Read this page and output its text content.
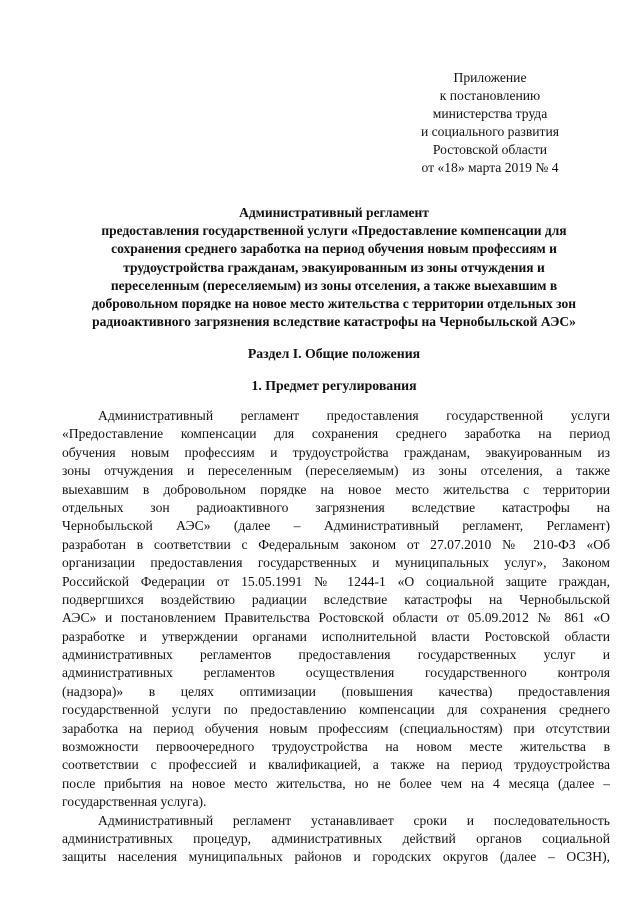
Приложение
к постановлению
министерства труда
и социального развития
Ростовской области
от «18» марта 2019 № 4
Административный регламент
предоставления государственной услуги «Предоставление компенсации для
сохранения среднего заработка на период обучения новым профессиям и
трудоустройства гражданам, эвакуированным из зоны отчуждения и
переселенным (переселяемым) из зоны отселения, а также выехавшим в
добровольном порядке на новое место жительства с территории отдельных зон
радиоактивного загрязнения вследствие катастрофы на Чернобыльской АЭС»
Раздел I. Общие положения
1. Предмет регулирования
Административный регламент предоставления государственной услуги
«Предоставление компенсации для сохранения среднего заработка на период
обучения новым профессиям и трудоустройства гражданам, эвакуированным из
зоны отчуждения и переселенным (переселяемым) из зоны отселения, а также
выехавшим в добровольном порядке на новое место жительства с территории
отдельных зон радиоактивного загрязнения вследствие катастрофы на
Чернобыльской АЭС» (далее – Административный регламент, Регламент)
разработан в соответствии с Федеральным законом от 27.07.2010 № 210-ФЗ «Об
организации предоставления государственных и муниципальных услуг», Законом
Российской Федерации от 15.05.1991 № 1244-1 «О социальной защите граждан,
подвергшихся воздействию радиации вследствие катастрофы на Чернобыльской
АЭС» и постановлением Правительства Ростовской области от 05.09.2012 № 861 «О
разработке и утверждении органами исполнительной власти Ростовской области
административных регламентов предоставления государственных услуг и
административных регламентов осуществления государственного контроля
(надзора)» в целях оптимизации (повышения качества) предоставления
государственной услуги по предоставлению компенсации для сохранения среднего
заработка на период обучения новым профессиям (специальностям) при отсутствии
возможности первоочередного трудоустройства на новом месте жительства в
соответствии с профессией и квалификацией, а также на период трудоустройства
после прибытия на новое место жительства, но не более чем на 4 месяца (далее –
государственная услуга).
Административный регламент устанавливает сроки и последовательность
административных процедур, административных действий органов социальной
защиты населения муниципальных районов и городских округов (далее – ОСЗН),
